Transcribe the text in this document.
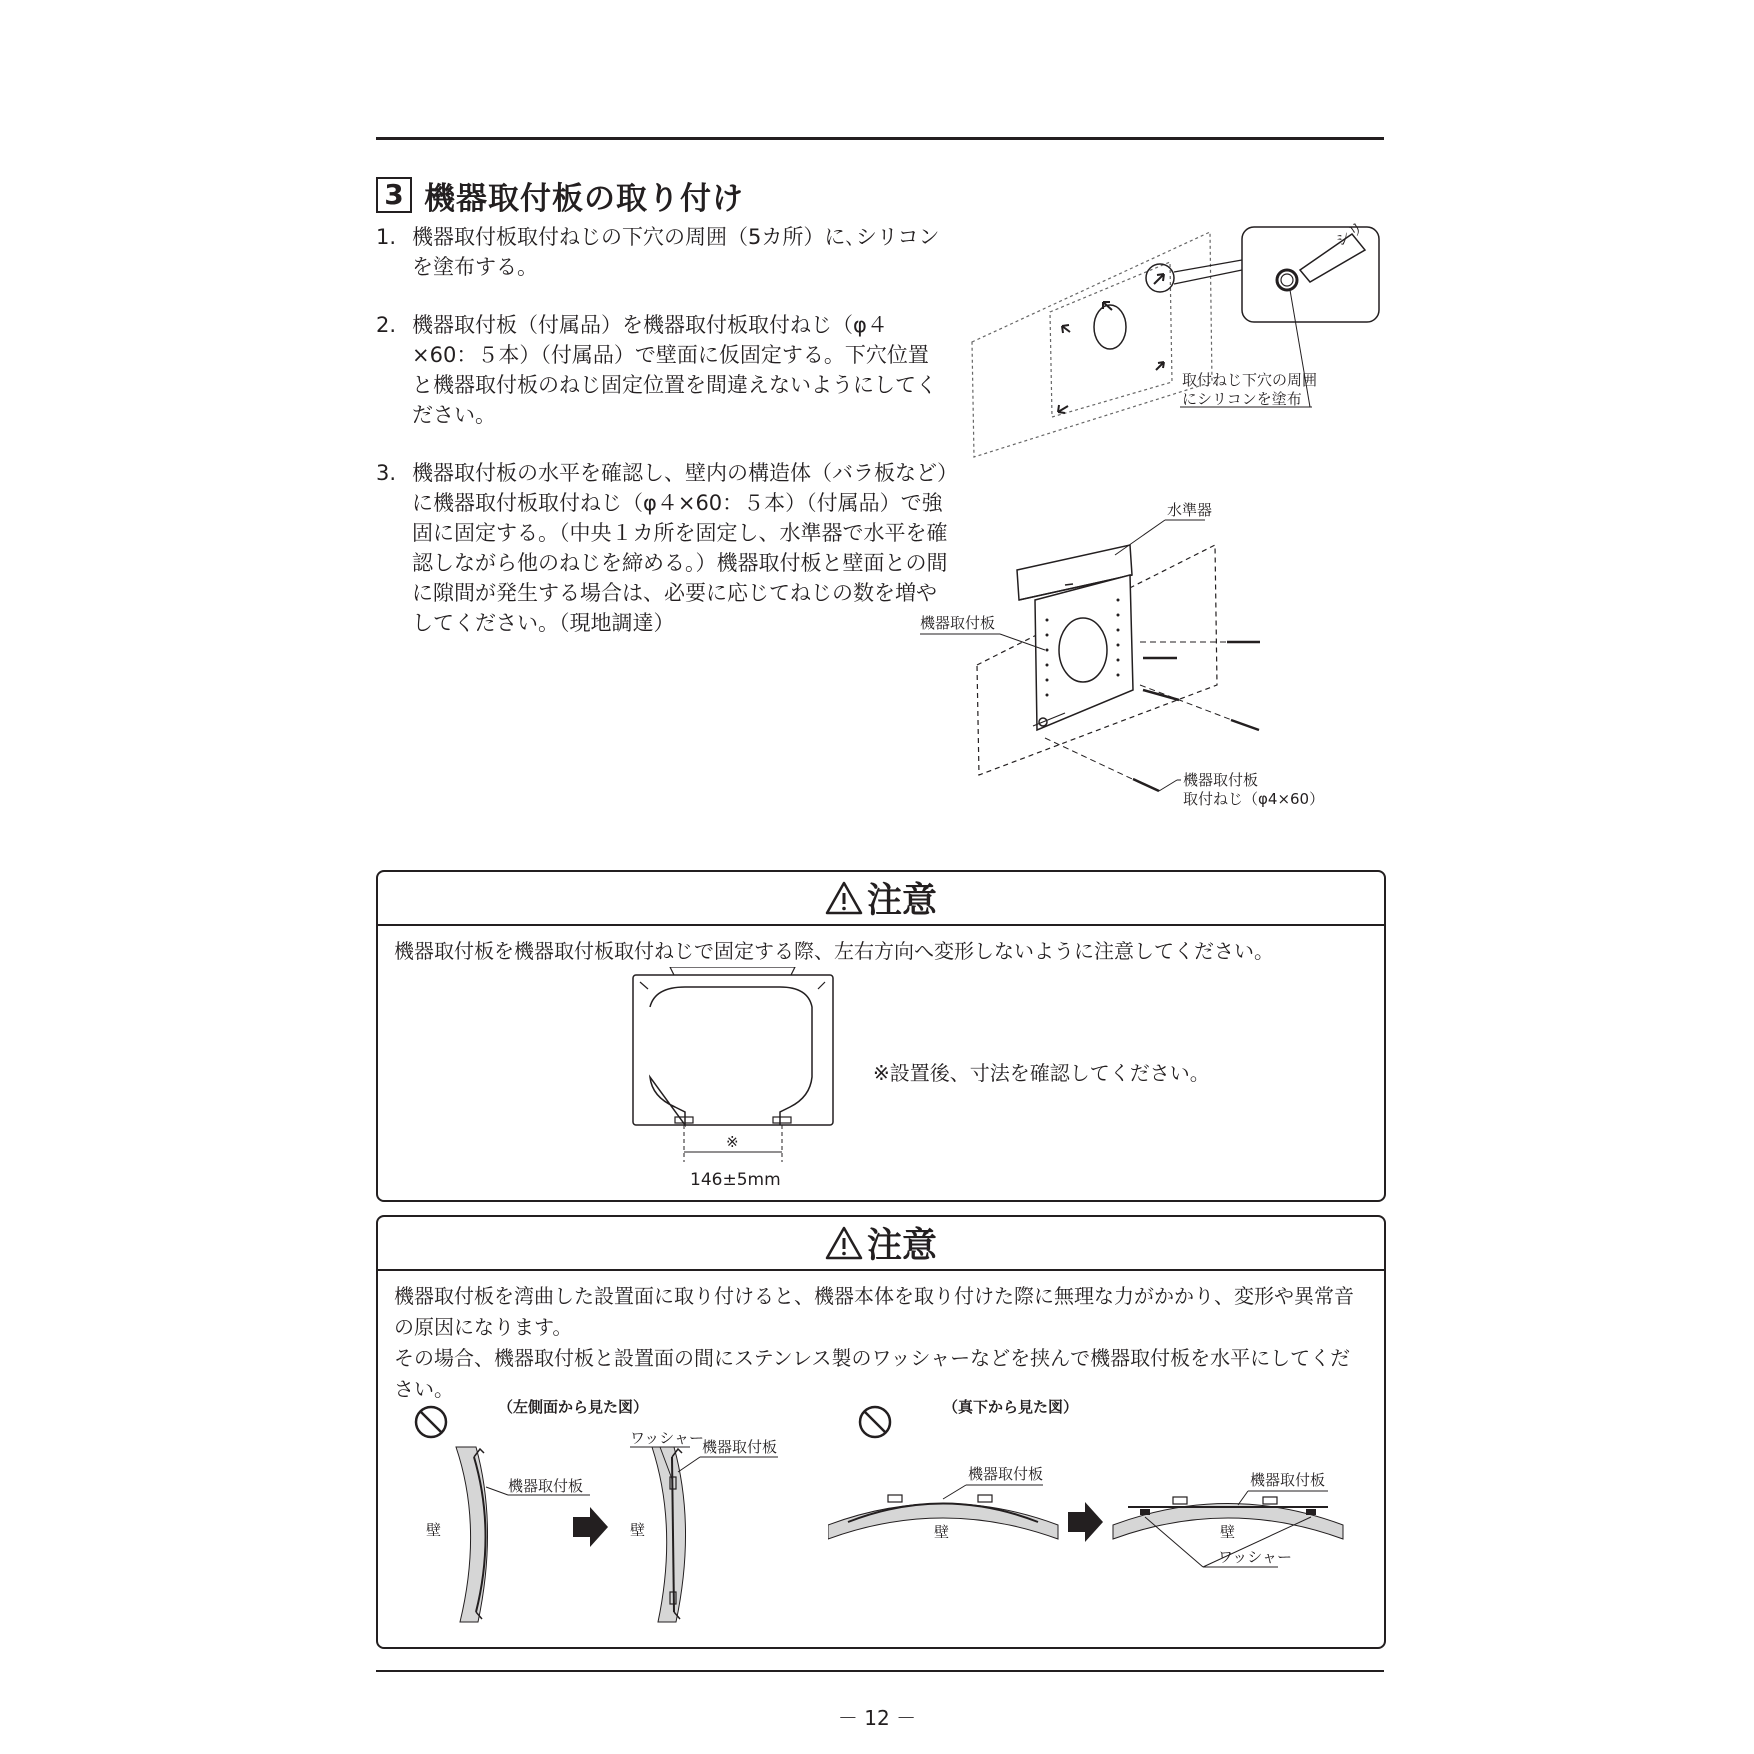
3 機器取付板の取り付け
1. 機器取付板取付ねじの下穴の周囲（5カ所）に､シリコンを塗布する。
2. 機器取付板（付属品）を機器取付板取付ねじ（φ４×60：５本）（付属品）で壁面に仮固定する。下穴位置と機器取付板のねじ固定位置を間違えないようにしてください。
3. 機器取付板の水平を確認し、壁内の構造体（バラ板など）に機器取付板取付ねじ（φ４×60：５本）（付属品）で強固に固定する。（中央１カ所を固定し、水準器で水平を確認しながら他のねじを締める。）機器取付板と壁面との間に隙間が発生する場合は、必要に応じてねじの数を増やしてください。（現地調達）
シリ
取付ねじ下穴の周囲
にシリコンを塗布
機器取付板
取付ねじ（φ4×60）
水準器
機器取付板
注意
機器取付板を機器取付板取付ねじで固定する際、左右方向へ変形しないように注意してください。
※
146±5mm
※設置後、寸法を確認してください。
注意
機器取付板を湾曲した設置面に取り付けると、機器本体を取り付けた際に無理な力がかかり、変形や異常音の原因になります。
その場合、機器取付板と設置面の間にステンレス製のワッシャーなどを挟んで機器取付板を水平にしてください。
（左側面から見た図）
機器取付板
壁
ワッシャー
機器取付板
壁
（真下から見た図）
機器取付板
壁
機器取付板
壁
ワッシャー
－ 12 －
